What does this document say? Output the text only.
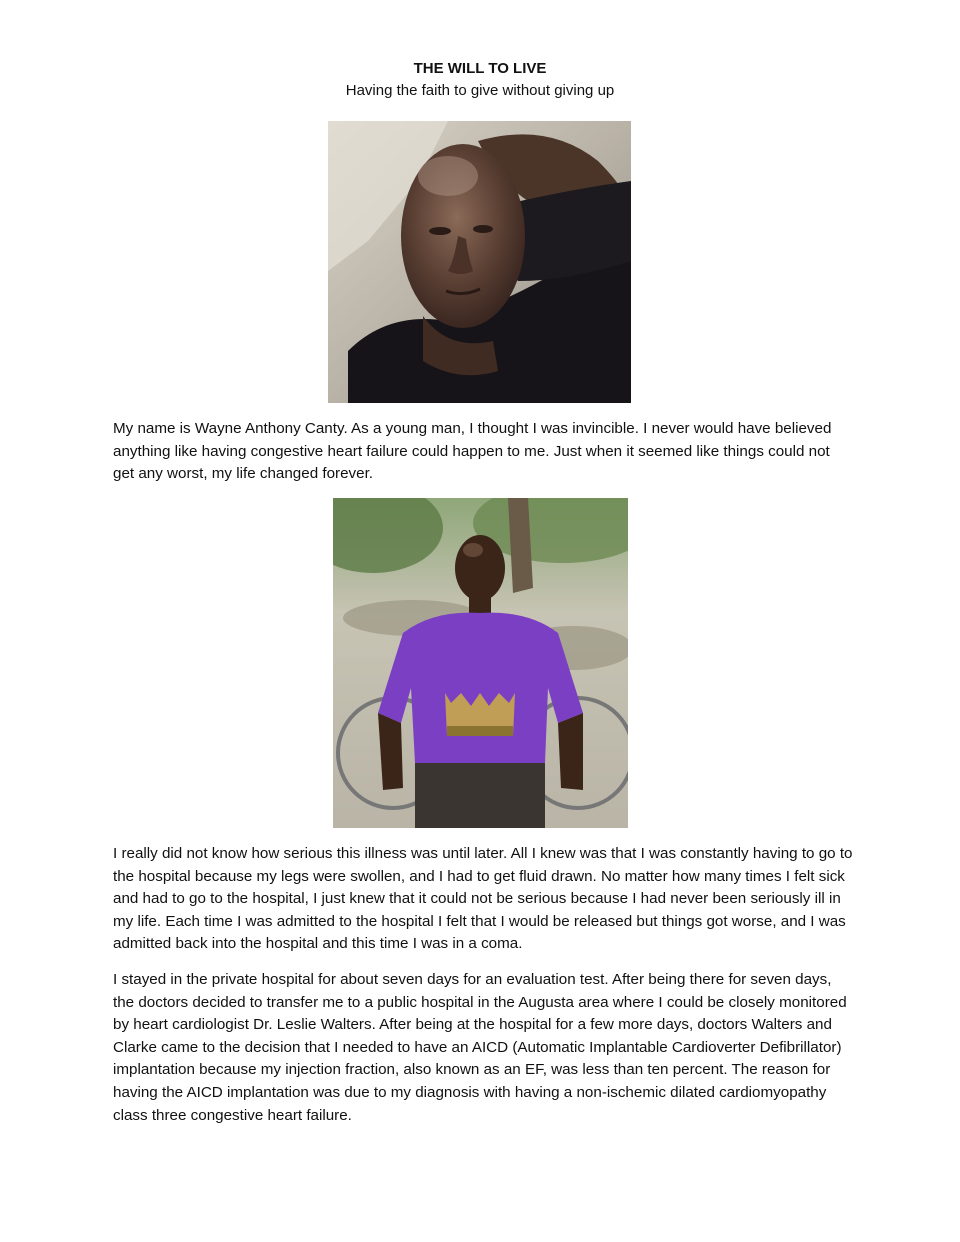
THE WILL TO LIVE
Having the faith to give without giving up

My name is Wayne Anthony Canty. As a young man, I thought I was invincible. I never would have believed anything like having congestive heart failure could happen to me. Just when it seemed like things could not get any worst, my life changed forever.

I really did not know how serious this illness was until later. All I knew was that I was constantly having to go to the hospital because my legs were swollen, and I had to get fluid drawn. No matter how many times I felt sick and had to go to the hospital, I just knew that it could not be serious because I had never been seriously ill in my life. Each time I was admitted to the hospital I felt that I would be released but things got worse, and I was admitted back into the hospital and this time I was in a coma.

I stayed in the private hospital for about seven days for an evaluation test. After being there for seven days, the doctors decided to transfer me to a public hospital in the Augusta area where I could be closely monitored by heart cardiologist Dr. Leslie Walters. After being at the hospital for a few more days, doctors Walters and Clarke came to the decision that I needed to have an AICD (Automatic Implantable Cardioverter Defibrillator) implantation because my injection fraction, also known as an EF, was less than ten percent. The reason for having the AICD implantation was due to my diagnosis with having a non-ischemic dilated cardiomyopathy class three congestive heart failure.
